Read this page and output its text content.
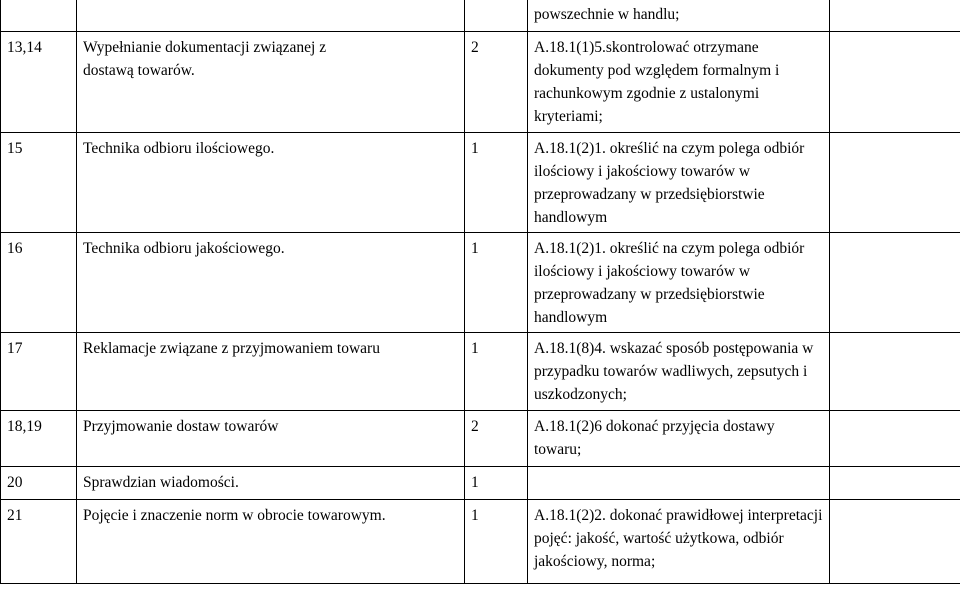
			powszechnie w handlu;	
13,14	Wypełnianie dokumentacji związanej z dostawą towarów.	2	A.18.1(1)5.skontrolować otrzymane dokumenty pod względem formalnym i rachunkowym zgodnie z ustalonymi kryteriami;	
15	Technika odbioru ilościowego.	1	A.18.1(2)1. określić na czym polega odbiór ilościowy i jakościowy towarów w przeprowadzany w przedsiębiorstwie handlowym	
16	Technika odbioru jakościowego.	1	A.18.1(2)1. określić na czym polega odbiór ilościowy i jakościowy towarów w przeprowadzany w przedsiębiorstwie handlowym	
17	Reklamacje związane z przyjmowaniem towaru	1	A.18.1(8)4. wskazać sposób postępowania w przypadku towarów wadliwych, zepsutych i uszkodzonych;	
18,19	Przyjmowanie dostaw towarów	2	A.18.1(2)6 dokonać przyjęcia dostawy towaru;	
20	Sprawdzian wiadomości.	1		
21	Pojęcie i znaczenie norm w obrocie towarowym.	1	A.18.1(2)2. dokonać prawidłowej interpretacji pojęć: jakość, wartość użytkowa, odbiór jakościowy, norma;	
